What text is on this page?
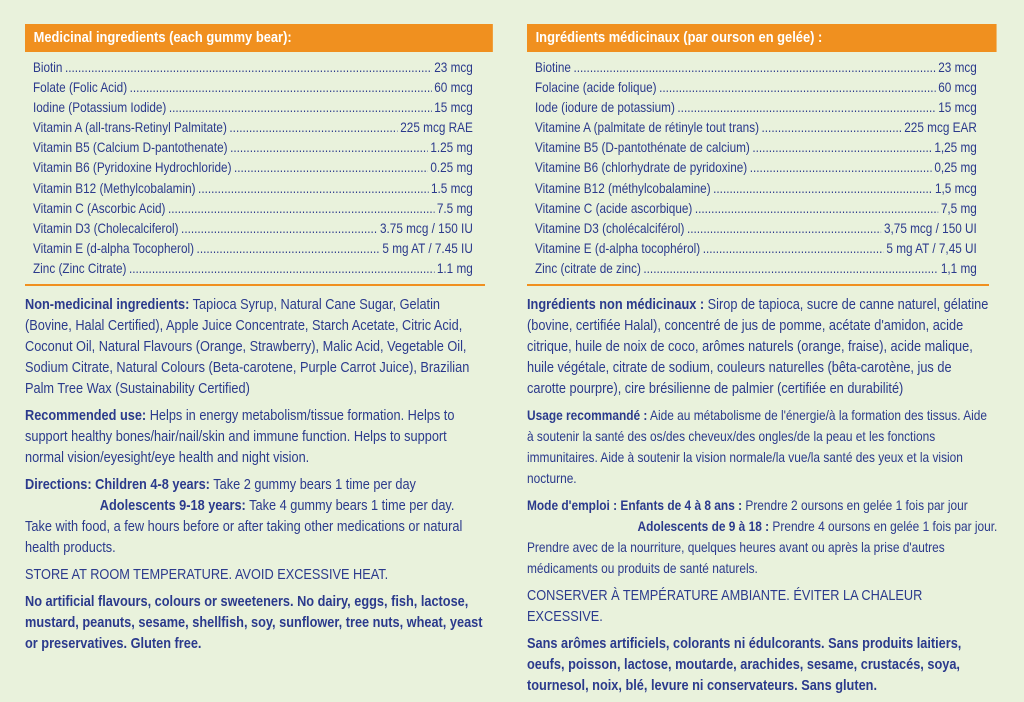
Medicinal ingredients (each gummy bear):
Biotin .....	23 mcg
Folate (Folic Acid) .....	60 mcg
Iodine (Potassium Iodide) .....	15 mcg
Vitamin A (all-trans-Retinyl Palmitate) .....	225 mcg RAE
Vitamin B5 (Calcium D-pantothenate) .....	1.25 mg
Vitamin B6 (Pyridoxine Hydrochloride) .....	0.25 mg
Vitamin B12 (Methylcobalamin) .....	1.5 mcg
Vitamin C (Ascorbic Acid) .....	7.5 mg
Vitamin D3 (Cholecalciferol) .....	3.75 mcg / 150 IU
Vitamin E (d-alpha Tocopherol) .....	5 mg AT / 7.45 IU
Zinc (Zinc Citrate) .....	1.1 mg

Non-medicinal ingredients: Tapioca Syrup, Natural Cane Sugar, Gelatin (Bovine, Halal Certified), Apple Juice Concentrate, Starch Acetate, Citric Acid, Coconut Oil, Natural Flavours (Orange, Strawberry), Malic Acid, Vegetable Oil, Sodium Citrate, Natural Colours (Beta-carotene, Purple Carrot Juice), Brazilian Palm Tree Wax (Sustainability Certified)

Recommended use: Helps in energy metabolism/tissue formation. Helps to support healthy bones/hair/nail/skin and immune function. Helps to support normal vision/eyesight/eye health and night vision.

Directions: Children 4-8 years: Take 2 gummy bears 1 time per day

Adolescents 9-18 years: Take 4 gummy bears 1 time per day.

Take with food, a few hours before or after taking other medications or natural health products.

STORE AT ROOM TEMPERATURE. AVOID EXCESSIVE HEAT.

No artificial flavours, colours or sweeteners. No dairy, eggs, fish, lactose, mustard, peanuts, sesame, shellfish, soy, sunflower, tree nuts, wheat, yeast or preservatives. Gluten free.

Ingrédients médicinaux (par ourson en gelée) :
Biotine .....	23 mcg
Folacine (acide folique) .....	60 mcg
Iode (iodure de potassium) .....	15 mcg
Vitamine A (palmitate de rétinyle tout trans) .....	225 mcg EAR
Vitamine B5 (D-pantothénate de calcium) .....	1,25 mg
Vitamine B6 (chlorhydrate de pyridoxine) .....	0,25 mg
Vitamine B12 (méthylcobalamine) .....	1,5 mcg
Vitamine C (acide ascorbique) .....	7,5 mg
Vitamine D3 (cholécalciférol) .....	3,75 mcg / 150 UI
Vitamine E (d-alpha tocophérol) .....	5 mg AT / 7,45 UI
Zinc (citrate de zinc) .....	1,1 mg

Ingrédients non médicinaux : Sirop de tapioca, sucre de canne naturel, gélatine (bovine, certifiée Halal), concentré de jus de pomme, acétate d'amidon, acide citrique, huile de noix de coco, arômes naturels (orange, fraise), acide malique, huile végétale, citrate de sodium, couleurs naturelles (bêta-carotène, jus de carotte pourpre), cire brésilienne de palmier (certifiée en durabilité)

Usage recommandé : Aide au métabolisme de l'énergie/à la formation des tissus. Aide à soutenir la santé des os/des cheveux/des ongles/de la peau et les fonctions immunitaires. Aide à soutenir la vision normale/la vue/la santé des yeux et la vision nocturne.

Mode d'emploi : Enfants de 4 à 8 ans : Prendre 2 oursons en gelée 1 fois par jour

Adolescents de 9 à 18 : Prendre 4 oursons en gelée 1 fois par jour.

Prendre avec de la nourriture, quelques heures avant ou après la prise d'autres médicaments ou produits de santé naturels.

CONSERVER À TEMPÉRATURE AMBIANTE. ÉVITER LA CHALEUR EXCESSIVE.

Sans arômes artificiels, colorants ni édulcorants. Sans produits laitiers, oeufs, poisson, lactose, moutarde, arachides, sesame, crustacés, soya, tournesol, noix, blé, levure ni conservateurs. Sans gluten.
